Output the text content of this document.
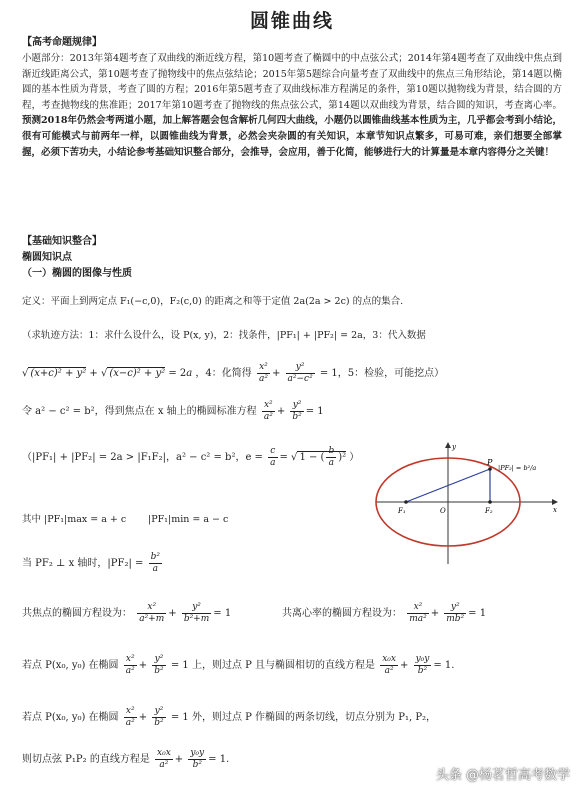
圆锥曲线
【高考命题规律】
小题部分：2013年第4题考查了双曲线的渐近线方程，第10题考查了椭圆中的中点弦公式；2014年第4题考查了双曲线中焦点到渐近线距离公式，第10题考查了抛物线中的焦点弦结论；2015年第5题综合向量考查了双曲线中的焦点三角形结论，第14题以椭圆的基本性质为背景，考查了圆的方程；2016年第5题考查了双曲线标准方程满足的条件，第10题以抛物线为背景，结合圆的方程，考查抛物线的焦准距；2017年第10题考查了抛物线的焦点弦公式，第14题以双曲线为背景，结合圆的知识，考查离心率。预测2018年仍然会考两道小题，加上解答题会包含解析几何四大曲线，小题仍以圆锥曲线基本性质为主，几乎都会考到小结论，很有可能模式与前两年一样，以圆锥曲线为背景，必然会夹杂圆的有关知识，本章节知识点繁多，可易可难，亲们想要全部掌握，必须下苦功夫，小结论参考基础知识整合部分，会推导，会应用，善于化简，能够进行大的计算量是本章内容得分之关键！
【基础知识整合】
椭圆知识点
（一）椭圆的图像与性质
定义：平面上到两定点 F₁(−c,0)，F₂(c,0) 的距离之和等于定值 2a(2a > 2c) 的点的集合.
（求轨迹方法：1：求什么设什么，设 P(x, y)，2：找条件，|PF₁| + |PF₂| = 2a，3：代入数据
√ (x+c)² + y² + √ (x−c)² + y² = 2a ，4：化简得 $\frac{\text{x²}}{\text{a²}} + \frac{\text{y²}}{\text{a²−c²}} = 1$，5：检验，可能挖点）
令 a² − c² = b²，得到焦点在 x 轴上的椭圆标准方程 $\frac{\text{x²}}{\text{a²}} + \frac{\text{y²}}{\text{b²}} = 1$
（|PF₁| + |PF₂| = 2a > |F₁F₂|，a² − c² = b²，$e = \frac{c}{a}$ = √ 1 − ( $\frac{b}{a} )^2$ ）
其中 |PF₁|max = a + c |PF₁|min = a − c
当 PF₂ ⊥ x 轴时，$|PF_2| = \frac{\text{b²}}{a}$
共焦点的椭圆方程设为： $\frac{\text{x²}}{\text{a²+m}} + \frac{\text{y²}}{\text{b²+m}} = 1$	共离心率的椭圆方程设为： $\frac{\text{x²}}{\text{ma²}} + \frac{\text{y²}}{\text{mb²}} = 1$
若点 P(x₀, y₀) 在椭圆 $\frac{\text{x²}}{\text{a²}} + \frac{\text{y²}}{\text{b²}} = 1$ 上，则过点 P 且与椭圆相切的直线方程是 $\frac{\text{x₀x}}{\text{a²}} + \frac{\text{y₀y}}{\text{b²}} = 1$.
若点 P(x₀, y₀) 在椭圆 $\frac{\text{x²}}{\text{a²}} + \frac{\text{y²}}{\text{b²}} = 1$ 外，则过点 P 作椭圆的两条切线，切点分别为 P₁, P₂，
则切点弦 P₁P₂ 的直线方程是 $\frac{\text{x₀x}}{\text{a²}} + \frac{\text{y₀y}}{\text{b²}} = 1$.
P
F₁	O	F₂	x
y
|PF₂| = b²/a
头条 @杨茗哲高考数学
